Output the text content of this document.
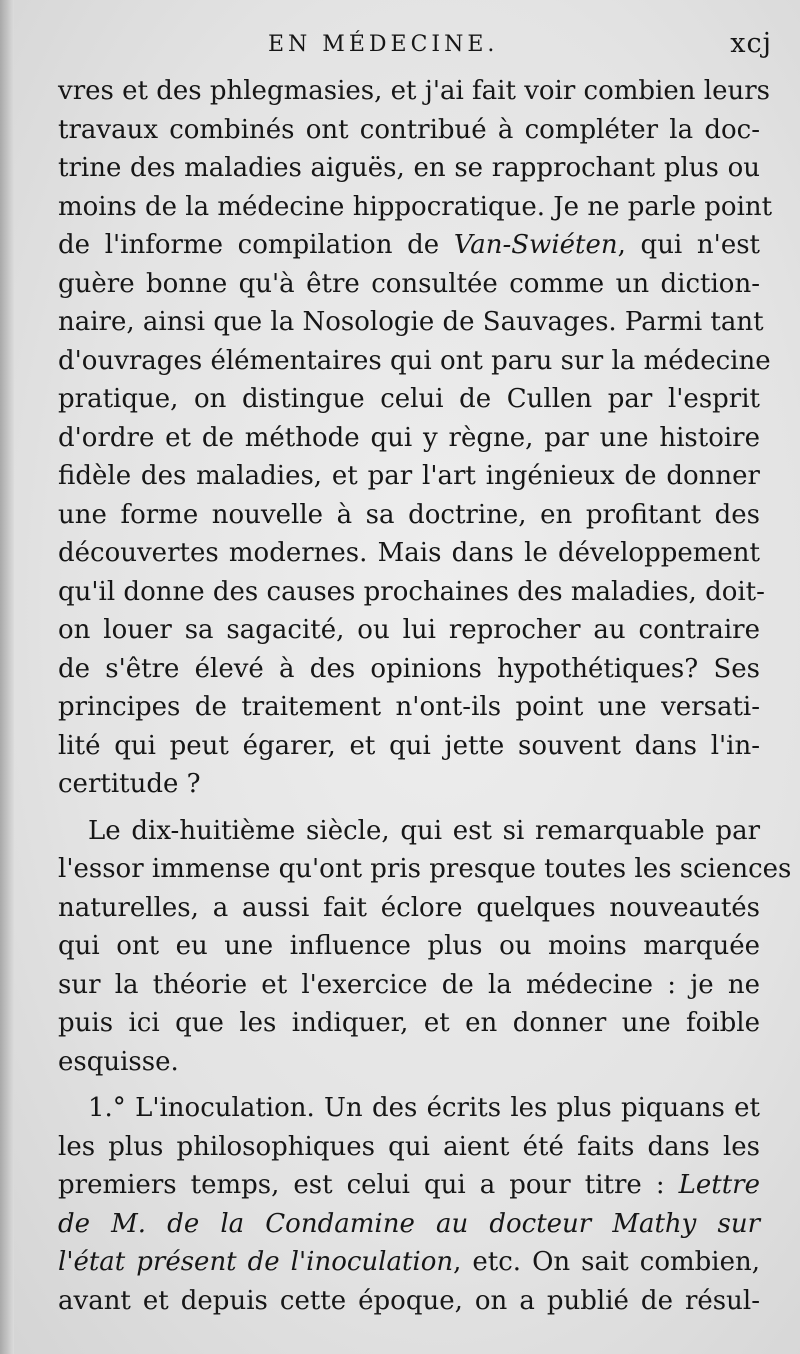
EN MÉDECINE.	xcj
vres et des phlegmasies, et j'ai fait voir combien leurs
travaux combinés ont contribué à compléter la doc-
trine des maladies aiguës, en se rapprochant plus ou
moins de la médecine hippocratique. Je ne parle point
de l'informe compilation de Van-Swiéten, qui n'est
guère bonne qu'à être consultée comme un diction-
naire, ainsi que la Nosologie de Sauvages. Parmi tant
d'ouvrages élémentaires qui ont paru sur la médecine
pratique, on distingue celui de Cullen par l'esprit
d'ordre et de méthode qui y règne, par une histoire
fidèle des maladies, et par l'art ingénieux de donner
une forme nouvelle à sa doctrine, en profitant des
découvertes modernes. Mais dans le développement
qu'il donne des causes prochaines des maladies, doit-
on louer sa sagacité, ou lui reprocher au contraire
de s'être élevé à des opinions hypothétiques? Ses
principes de traitement n'ont-ils point une versati-
lité qui peut égarer, et qui jette souvent dans l'in-
certitude ?
Le dix-huitième siècle, qui est si remarquable par
l'essor immense qu'ont pris presque toutes les sciences
naturelles, a aussi fait éclore quelques nouveautés
qui ont eu une influence plus ou moins marquée
sur la théorie et l'exercice de la médecine : je ne
puis ici que les indiquer, et en donner une foible
esquisse.
1.° L'inoculation. Un des écrits les plus piquans et
les plus philosophiques qui aient été faits dans les
premiers temps, est celui qui a pour titre : Lettre
de M. de la Condamine au docteur Mathy sur
l'état présent de l'inoculation, etc. On sait combien,
avant et depuis cette époque, on a publié de résul-
